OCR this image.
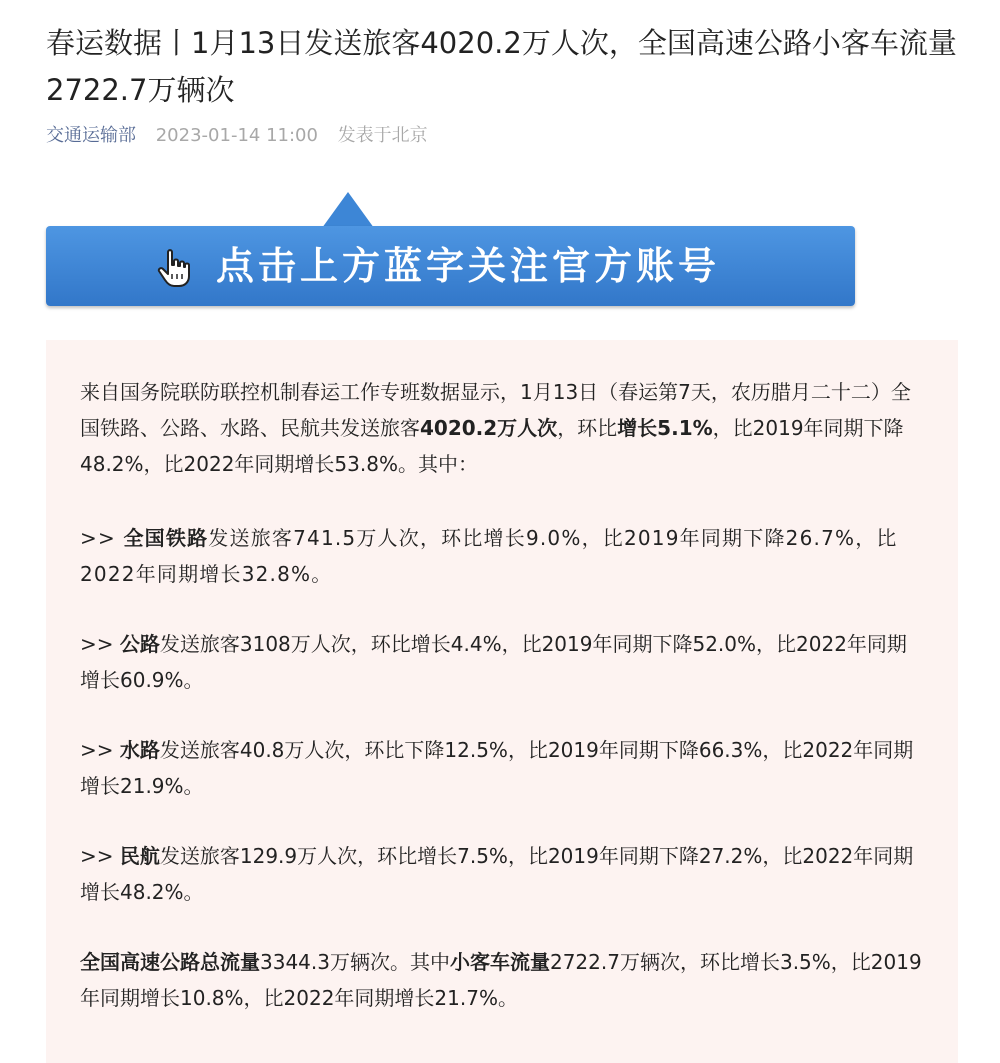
春运数据丨1月13日发送旅客4020.2万人次，全国高速公路小客车流量2722.7万辆次
交通运输部 2023-01-14 11:00 发表于北京
点击上方蓝字关注官方账号

来自国务院联防联控机制春运工作专班数据显示，1月13日（春运第7天，农历腊月二十二）全国铁路、公路、水路、民航共发送旅客4020.2万人次，环比增长5.1%，比2019年同期下降48.2%，比2022年同期增长53.8%。其中：

>> 全国铁路发送旅客741.5万人次，环比增长9.0%，比2019年同期下降26.7%，比2022年同期增长32.8%。

>> 公路发送旅客3108万人次，环比增长4.4%，比2019年同期下降52.0%，比2022年同期增长60.9%。

>> 水路发送旅客40.8万人次，环比下降12.5%，比2019年同期下降66.3%，比2022年同期增长21.9%。

>> 民航发送旅客129.9万人次，环比增长7.5%，比2019年同期下降27.2%，比2022年同期增长48.2%。

全国高速公路总流量3344.3万辆次。其中小客车流量2722.7万辆次，环比增长3.5%，比2019年同期增长10.8%，比2022年同期增长21.7%。
